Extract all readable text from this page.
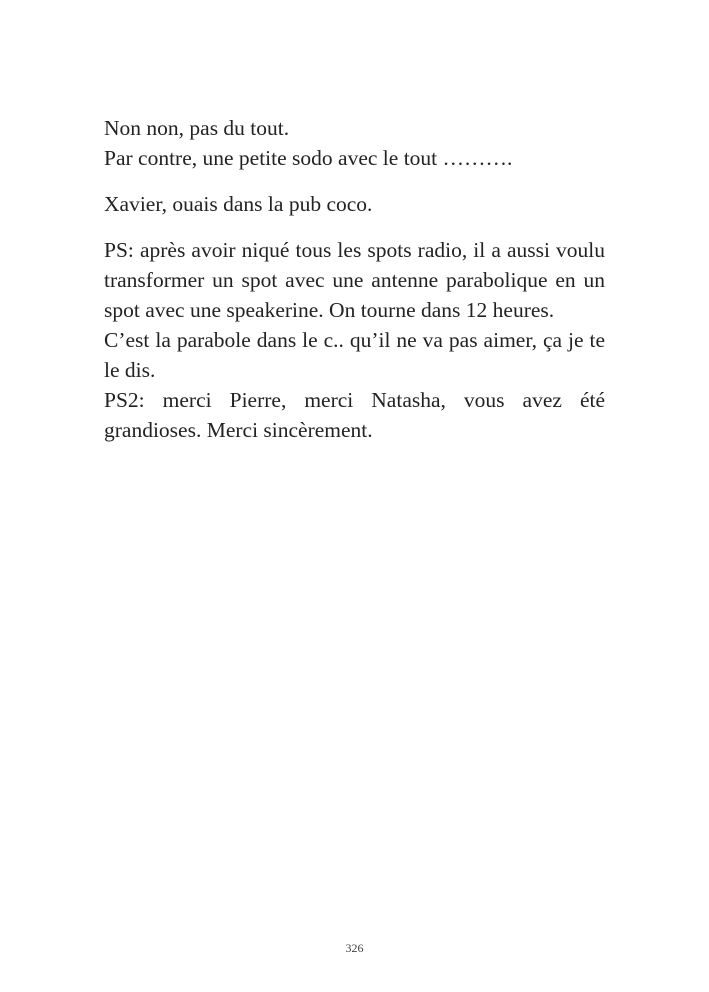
Non non, pas du tout.
Par contre, une petite sodo avec le tout ……….

Xavier, ouais dans la pub coco.

PS: après avoir niqué tous les spots radio, il a aussi voulu transformer un spot avec une antenne parabolique en un spot avec une speakerine. On tourne dans 12 heures.
C’est la parabole dans le c.. qu’il ne va pas aimer, ça je te le dis.
PS2: merci Pierre, merci Natasha, vous avez été grandioses. Merci sincèrement.

326
